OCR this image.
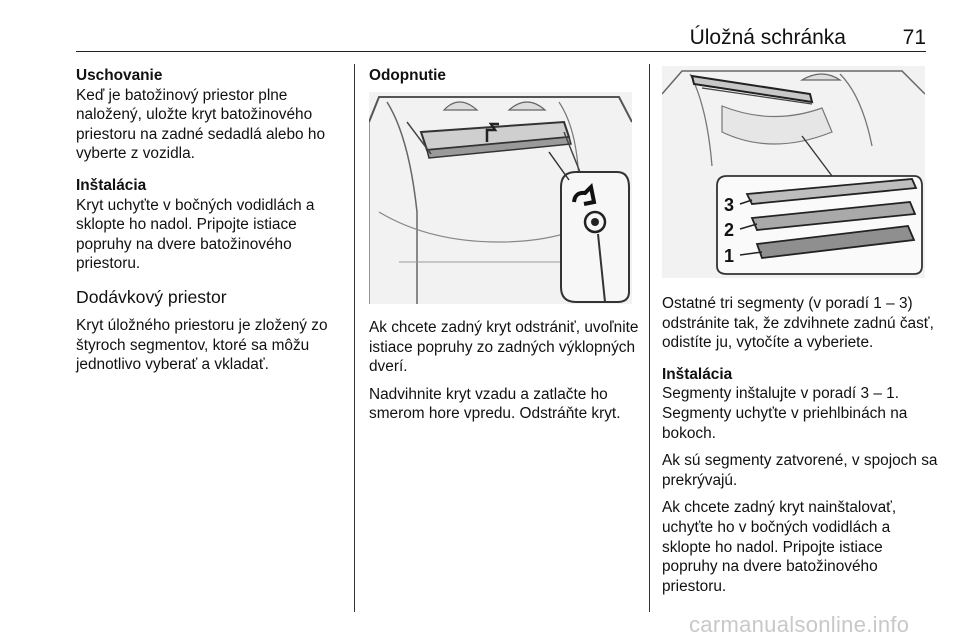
Úložná schránka	71
Uschovanie
Keď je batožinový priestor plne naložený, uložte kryt batožinového priestoru na zadné sedadlá alebo ho vyberte z vozidla.
Inštalácia
Kryt uchyťte v bočných vodidlách a sklopte ho nadol. Pripojte istiace popruhy na dvere batožinového priestoru.
Dodávkový priestor
Kryt úložného priestoru je zložený zo štyroch segmentov, ktoré sa môžu jednotlivo vyberať a vkladať.
Odopnutie
Ak chcete zadný kryt odstrániť, uvoľnite istiace popruhy zo zadných výklopných dverí.
Nadvihnite kryt vzadu a zatlačte ho smerom hore vpredu. Odstráňte kryt.
3
2
1
Ostatné tri segmenty (v poradí 1 – 3) odstránite tak, že zdvihnete zadnú časť, odistíte ju, vytočíte a vyberiete.
Inštalácia
Segmenty inštalujte v poradí 3 – 1. Segmenty uchyťte v priehlbinách na bokoch.
Ak sú segmenty zatvorené, v spojoch sa prekrývajú.
Ak chcete zadný kryt nainštalovať, uchyťte ho v bočných vodidlách a sklopte ho nadol. Pripojte istiace popruhy na dvere batožinového priestoru.
carmanualsonline.info
